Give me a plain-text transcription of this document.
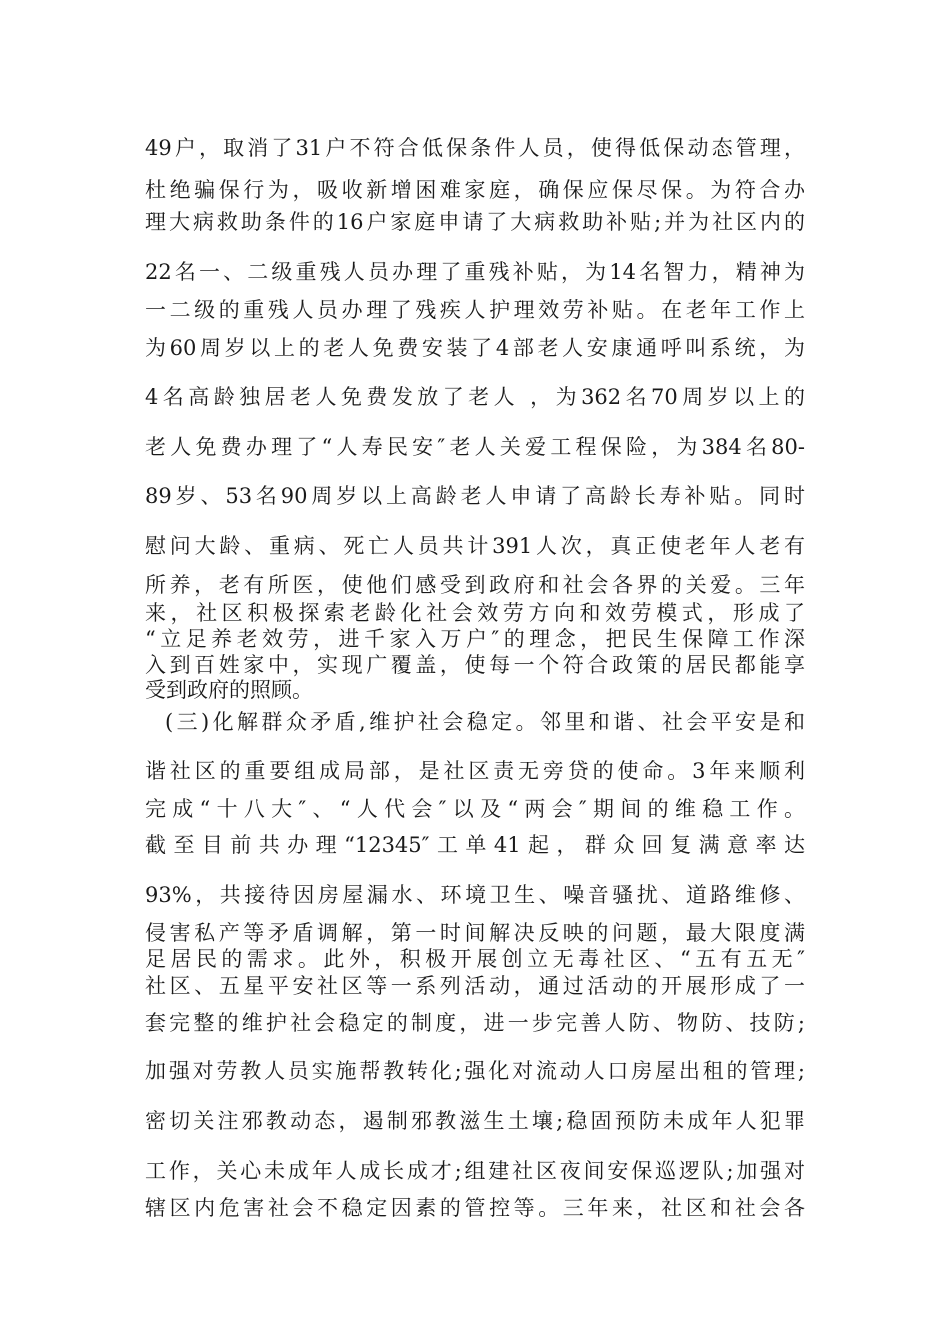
49户，取消了31户不符合低保条件人员，使得低保动态管理，
杜绝骗保行为，吸收新增困难家庭，确保应保尽保。为符合办
理大病救助条件的16户家庭申请了大病救助补贴;并为社区内的
22名一、二级重残人员办理了重残补贴，为14名智力，精神为
一二级的重残人员办理了残疾人护理效劳补贴。在老年工作上
为60周岁以上的老人免费安装了4部老人安康通呼叫系统，为
4名高龄独居老人免费发放了老人 ，为362名70周岁以上的
老人免费办理了“人寿民安″老人关爱工程保险，为384名80-
89岁、53名90周岁以上高龄老人申请了高龄长寿补贴。同时
慰问大龄、重病、死亡人员共计391人次，真正使老年人老有
所养，老有所医，使他们感受到政府和社会各界的关爱。三年
来，社区积极探索老龄化社会效劳方向和效劳模式，形成了
“立足养老效劳，进千家入万户″的理念，把民生保障工作深
入到百姓家中，实现广覆盖，使每一个符合政策的居民都能享
受到政府的照顾。
(三)化解群众矛盾,维护社会稳定。邻里和谐、社会平安是和
谐社区的重要组成局部，是社区责无旁贷的使命。3年来顺利
完成“十八大″、“人代会″以及“两会″期间的维稳工作。
截至目前共办理“12345″工单41起，群众回复满意率达
93%，共接待因房屋漏水、环境卫生、噪音骚扰、道路维修、
侵害私产等矛盾调解，第一时间解决反映的问题，最大限度满
足居民的需求。此外，积极开展创立无毒社区、“五有五无″
社区、五星平安社区等一系列活动，通过活动的开展形成了一
套完整的维护社会稳定的制度，进一步完善人防、物防、技防;
加强对劳教人员实施帮教转化;强化对流动人口房屋出租的管理;
密切关注邪教动态，遏制邪教滋生土壤;稳固预防未成年人犯罪
工作，关心未成年人成长成才;组建社区夜间安保巡逻队;加强对
辖区内危害社会不稳定因素的管控等。三年来，社区和社会各
